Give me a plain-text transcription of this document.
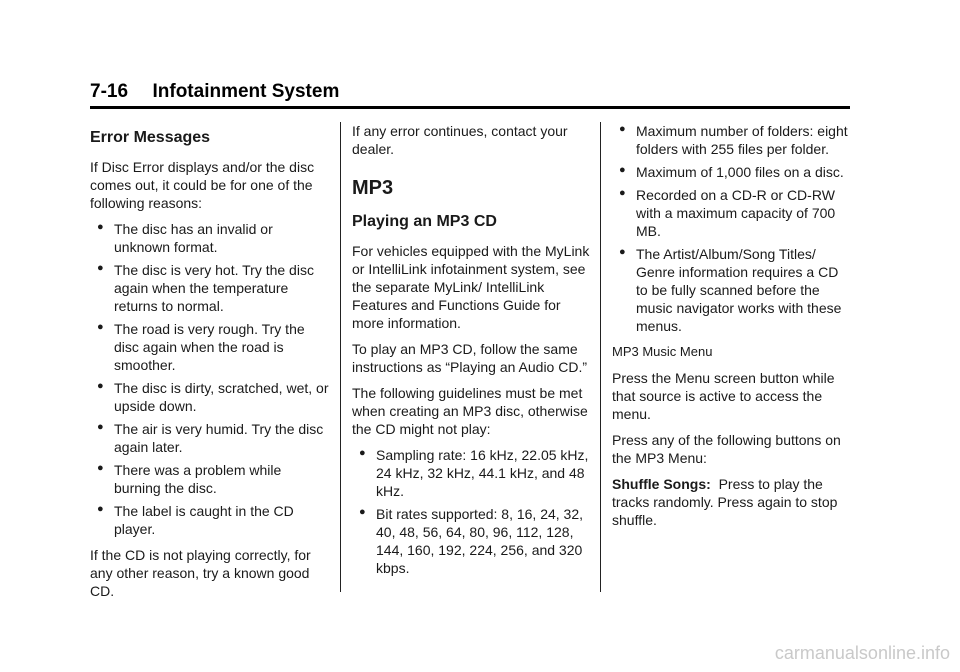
7-16 Infotainment System
Error Messages

If Disc Error displays and/or the disc comes out, it could be for one of the following reasons:

● The disc has an invalid or unknown format.
● The disc is very hot. Try the disc again when the temperature returns to normal.
● The road is very rough. Try the disc again when the road is smoother.
● The disc is dirty, scratched, wet, or upside down.
● The air is very humid. Try the disc again later.
● There was a problem while burning the disc.
● The label is caught in the CD player.

If the CD is not playing correctly, for any other reason, try a known good CD.

If any error continues, contact your dealer.

MP3
Playing an MP3 CD

For vehicles equipped with the MyLink or IntelliLink infotainment system, see the separate MyLink/ IntelliLink Features and Functions Guide for more information.

To play an MP3 CD, follow the same instructions as “Playing an Audio CD.”

The following guidelines must be met when creating an MP3 disc, otherwise the CD might not play:

● Sampling rate: 16 kHz, 22.05 kHz, 24 kHz, 32 kHz, 44.1 kHz, and 48 kHz.
● Bit rates supported: 8, 16, 24, 32, 40, 48, 56, 64, 80, 96, 112, 128, 144, 160, 192, 224, 256, and 320 kbps.
● Maximum number of folders: eight folders with 255 files per folder.
● Maximum of 1,000 files on a disc.
● Recorded on a CD-R or CD-RW with a maximum capacity of 700 MB.
● The Artist/Album/Song Titles/ Genre information requires a CD to be fully scanned before the music navigator works with these menus.

MP3 Music Menu

Press the Menu screen button while that source is active to access the menu.

Press any of the following buttons on the MP3 Menu:

Shuffle Songs: Press to play the tracks randomly. Press again to stop shuffle.

carmanualsonline.info
